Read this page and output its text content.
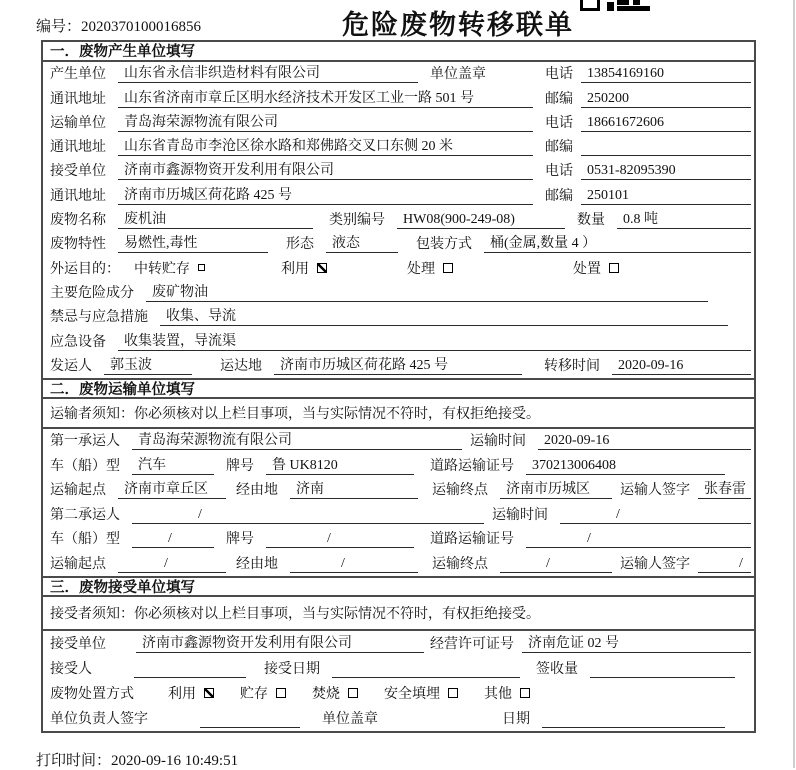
编号：2020370100016856	危险废物转移联单
一．废物产生单位填写
产生单位	山东省永信非织造材料有限公司	单位盖章	电话	13854169160
通讯地址	山东省济南市章丘区明水经济技术开发区工业一路 501 号	邮编	250200
运输单位	青岛海荣源物流有限公司	电话	18661672606
通讯地址	山东省青岛市李沧区徐水路和郑佛路交叉口东侧 20 米	邮编
接受单位	济南市鑫源物资开发利用有限公司	电话	0531-82095390
通讯地址	济南市历城区荷花路 425 号	邮编	250101
废物名称	废机油	类别编号	HW08(900-249-08)	数量	0.8 吨
废物特性	易燃性,毒性	形态	液态	包装方式	桶(金属,数量 4 ）
外运目的： 中转贮存	利用	处理	处置
主要危险成分	废矿物油
禁忌与应急措施	收集、导流
应急设备	收集装置，导流渠
发运人	郭玉波	运达地	济南市历城区荷花路 425 号	转移时间	2020-09-16
二．废物运输单位填写
运输者须知：你必须核对以上栏目事项，当与实际情况不符时，有权拒绝接受。
第一承运人	青岛海荣源物流有限公司	运输时间	2020-09-16
车（船）型	汽车	牌号	鲁 UK8120	道路运输证号	370213006408
运输起点	济南市章丘区	经由地	济南	运输终点	济南市历城区	运输人签字	张春雷
第二承运人	/	运输时间	/
车（船）型	/	牌号	/	道路运输证号	/
运输起点	/	经由地	/	运输终点	/	运输人签字	/
三．废物接受单位填写
接受者须知：你必须核对以上栏目事项，当与实际情况不符时，有权拒绝接受。
接受单位	济南市鑫源物资开发利用有限公司	经营许可证号	济南危证 02 号
接受人	接受日期	签收量
废物处置方式 利用	贮存	焚烧	安全填埋	其他
单位负责人签字	单位盖章	日期
打印时间：2020-09-16 10:49:51
